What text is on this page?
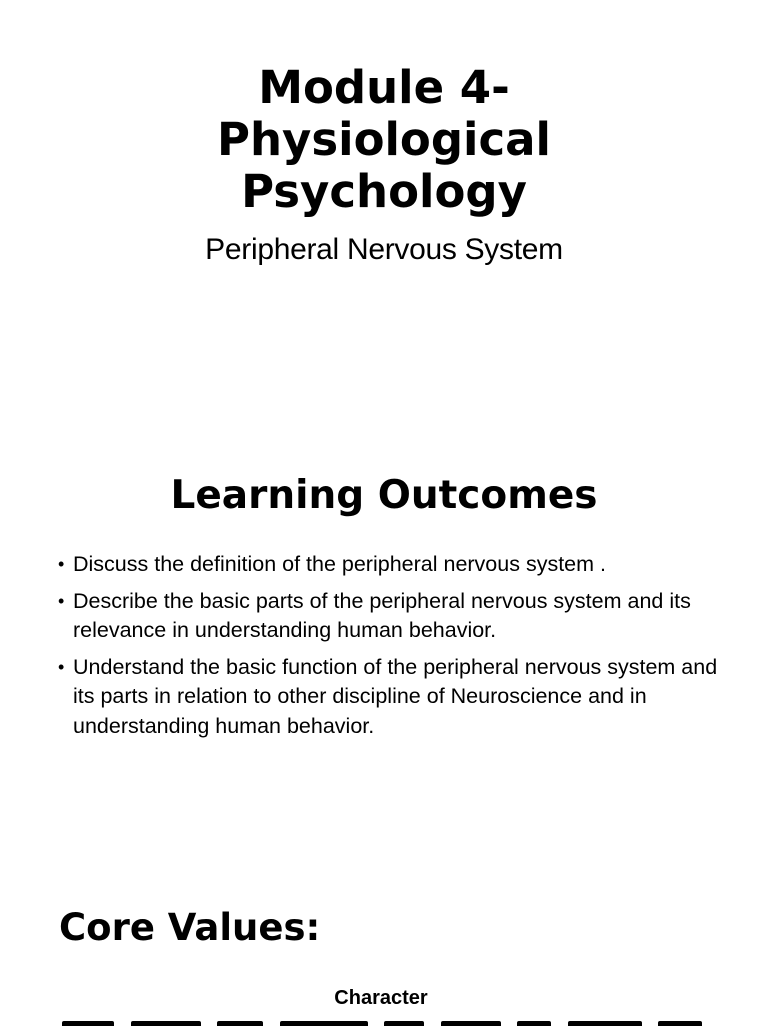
Module 4-
Physiological
Psychology

Peripheral Nervous System

Learning Outcomes
• Discuss the definition of the peripheral nervous system .
• Describe the basic parts of the peripheral nervous system and its relevance in understanding human behavior.
• Understand the basic function of the peripheral nervous system and its parts in relation to other discipline of Neuroscience and in understanding human behavior.
Core Values:
Character
